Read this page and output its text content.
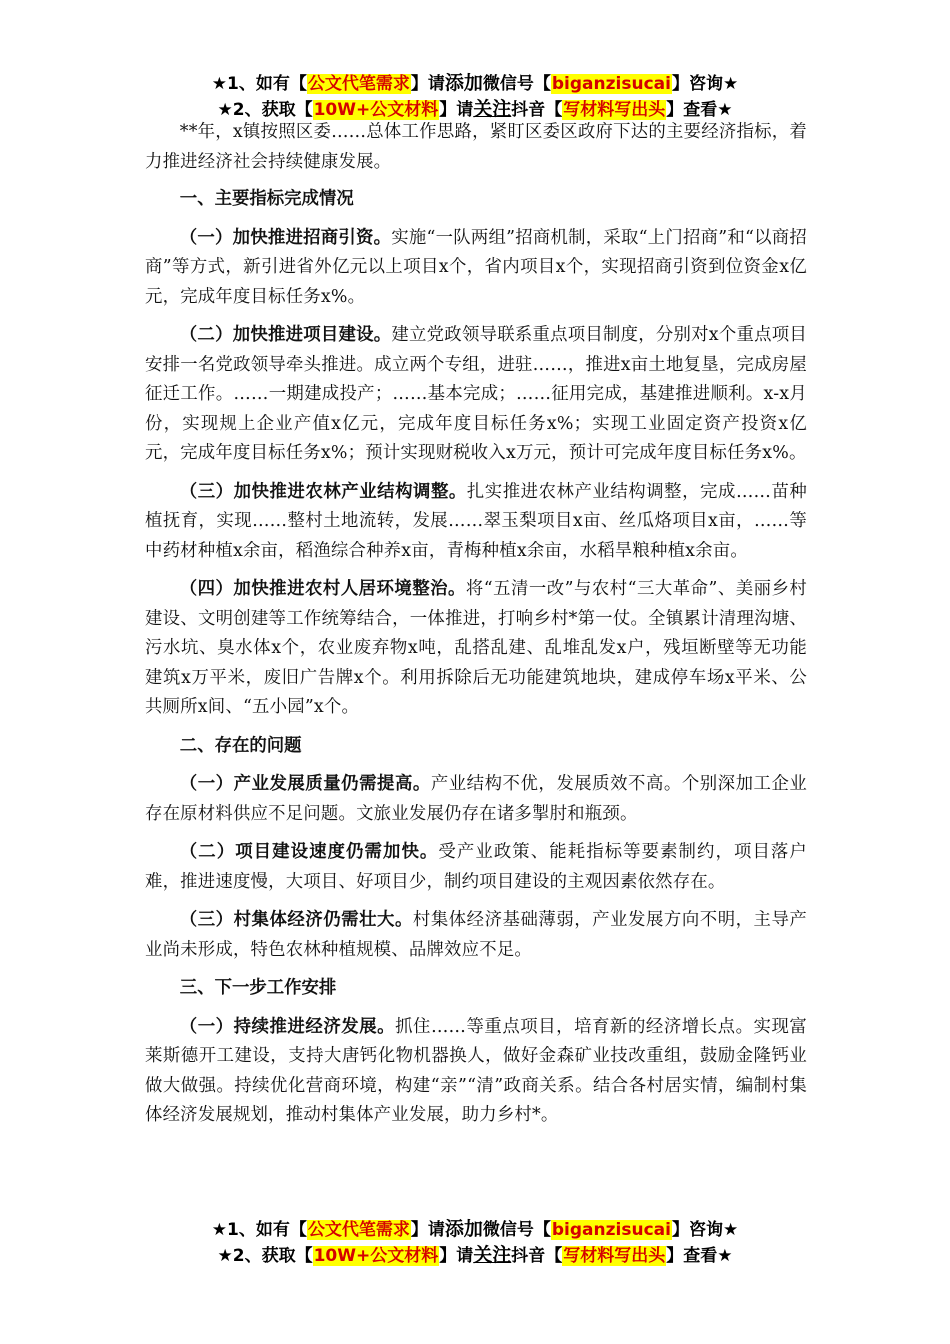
★1、如有【公文代笔需求】请添加微信号【biganzisucai】咨询★
★2、获取【10W+公文材料】请关注抖音【写材料写出头】查看★

**年，x镇按照区委……总体工作思路，紧盯区委区政府下达的主要经济指标，着力推进经济社会持续健康发展。

一、主要指标完成情况

（一）加快推进招商引资。实施“一队两组”招商机制，采取“上门招商”和“以商招商”等方式，新引进省外亿元以上项目x个，省内项目x个，实现招商引资到位资金x亿元，完成年度目标任务x%。

（二）加快推进项目建设。建立党政领导联系重点项目制度，分别对x个重点项目安排一名党政领导牵头推进。成立两个专组，进驻……，推进x亩土地复垦，完成房屋征迁工作。……一期建成投产；……基本完成；……征用完成，基建推进顺利。x-x月份，实现规上企业产值x亿元，完成年度目标任务x%；实现工业固定资产投资x亿元，完成年度目标任务x%；预计实现财税收入x万元，预计可完成年度目标任务x%。

（三）加快推进农林产业结构调整。扎实推进农林产业结构调整，完成……苗种植抚育，实现……整村土地流转，发展……翠玉梨项目x亩、丝瓜烙项目x亩，……等中药材种植x余亩，稻渔综合种养x亩，青梅种植x余亩，水稻旱粮种植x余亩。

（四）加快推进农村人居环境整治。将“五清一改”与农村“三大革命”、美丽乡村建设、文明创建等工作统筹结合，一体推进，打响乡村*第一仗。全镇累计清理沟塘、污水坑、臭水体x个，农业废弃物x吨，乱搭乱建、乱堆乱发x户，残垣断壁等无功能建筑x万平米，废旧广告牌x个。利用拆除后无功能建筑地块，建成停车场x平米、公共厕所x间、“五小园”x个。

二、存在的问题

（一）产业发展质量仍需提高。产业结构不优，发展质效不高。个别深加工企业存在原材料供应不足问题。文旅业发展仍存在诸多掣肘和瓶颈。

（二）项目建设速度仍需加快。受产业政策、能耗指标等要素制约，项目落户难，推进速度慢，大项目、好项目少，制约项目建设的主观因素依然存在。

（三）村集体经济仍需壮大。村集体经济基础薄弱，产业发展方向不明，主导产业尚未形成，特色农林种植规模、品牌效应不足。

三、下一步工作安排

（一）持续推进经济发展。抓住……等重点项目，培育新的经济增长点。实现富莱斯德开工建设，支持大唐钙化物机器换人，做好金森矿业技改重组，鼓励金隆钙业做大做强。持续优化营商环境，构建“亲”“清”政商关系。结合各村居实情，编制村集体经济发展规划，推动村集体产业发展，助力乡村*。

★1、如有【公文代笔需求】请添加微信号【biganzisucai】咨询★
★2、获取【10W+公文材料】请关注抖音【写材料写出头】查看★
